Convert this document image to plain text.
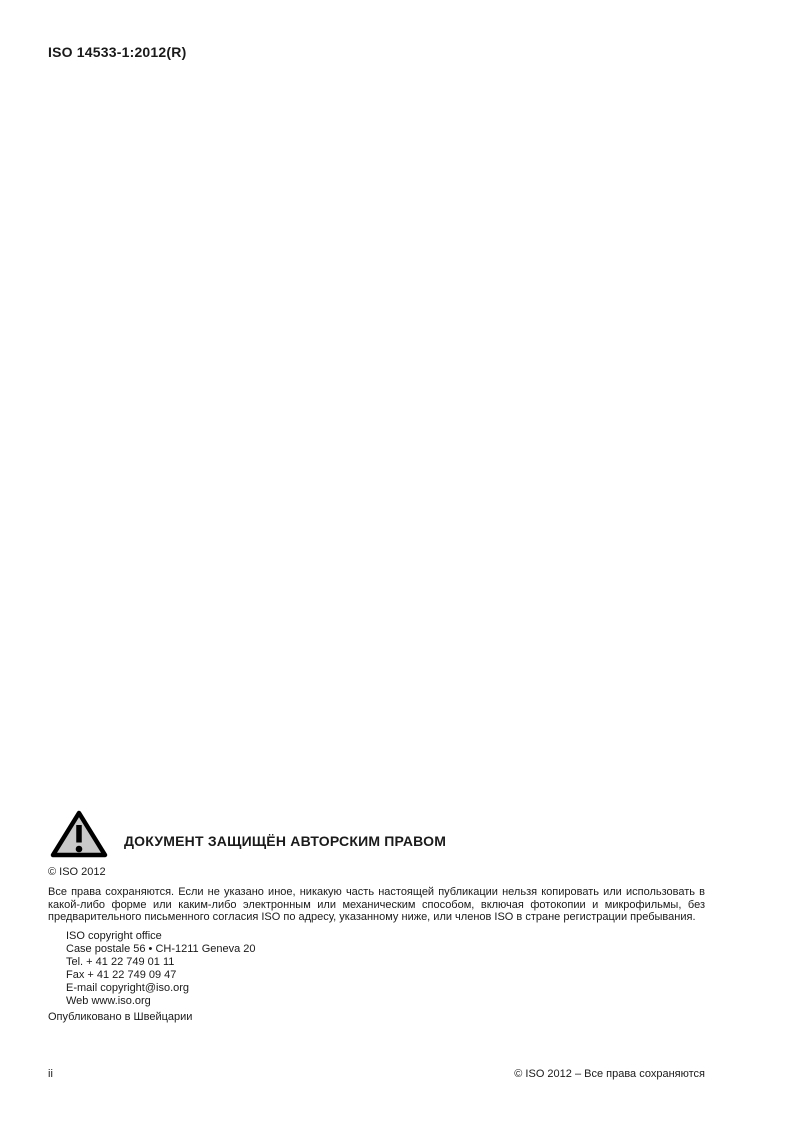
ISO 14533-1:2012(R)
ДОКУМЕНТ ЗАЩИЩЁН АВТОРСКИМ ПРАВОМ
© ISO 2012

Все права сохраняются. Если не указано иное, никакую часть настоящей публикации нельзя копировать или использовать в какой-либо форме или каким-либо электронным или механическим способом, включая фотокопии и микрофильмы, без предварительного письменного согласия ISO по адресу, указанному ниже, или членов ISO в стране регистрации пребывания.

ISO copyright office
Case postale 56 • CH-1211 Geneva 20
Tel. + 41 22 749 01 11
Fax + 41 22 749 09 47
E-mail copyright@iso.org
Web www.iso.org
Опубликовано в Швейцарии
ii	© ISO 2012 – Все права сохраняются
